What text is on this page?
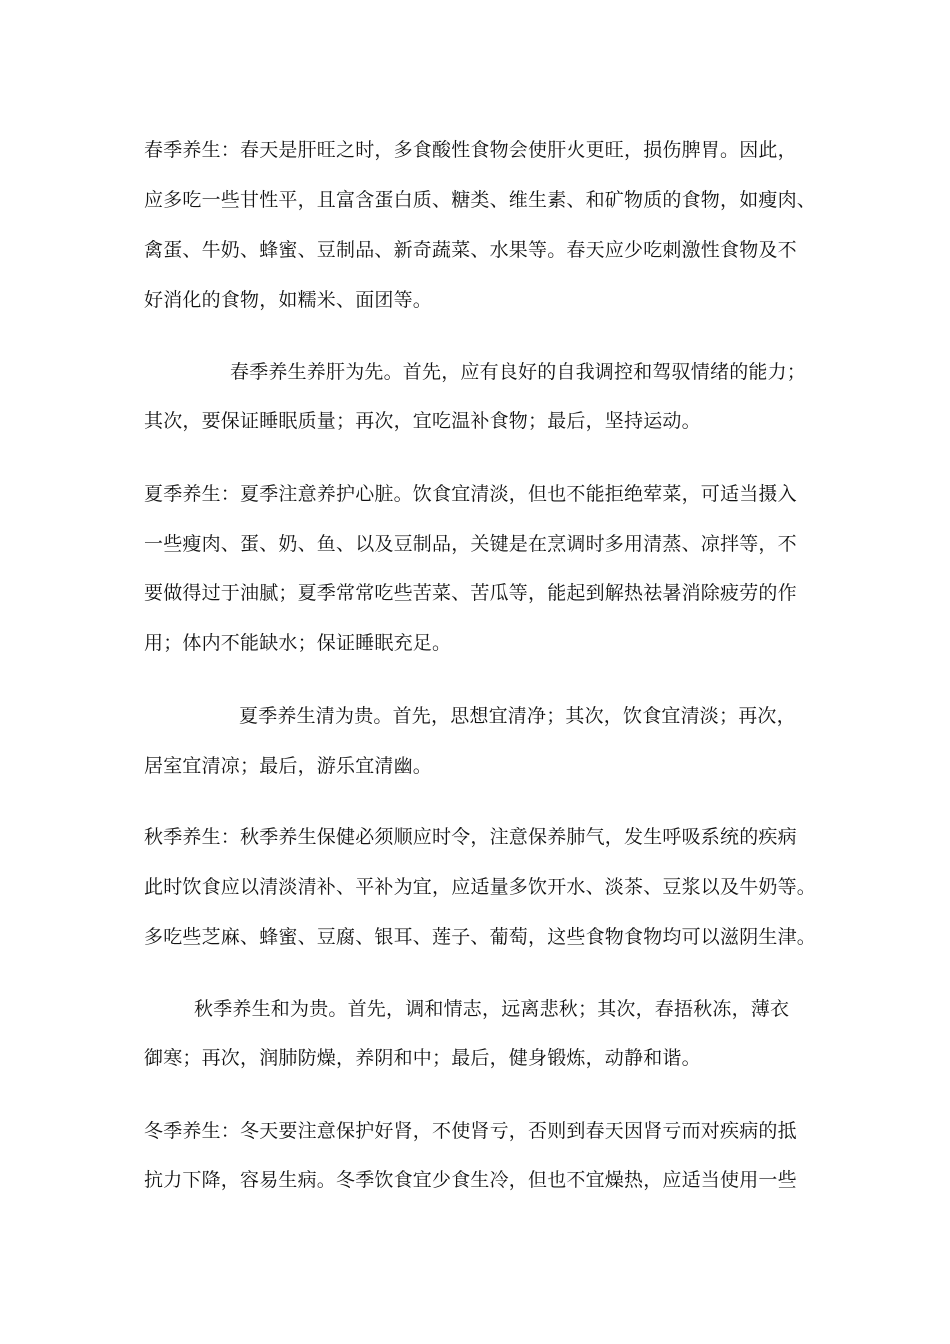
春季养生：春天是肝旺之时，多食酸性食物会使肝火更旺，损伤脾胃。因此，
应多吃一些甘性平，且富含蛋白质、糖类、维生素、和矿物质的食物，如瘦肉、
禽蛋、牛奶、蜂蜜、豆制品、新奇蔬菜、水果等。春天应少吃刺激性食物及不
好消化的食物，如糯米、面团等。
春季养生养肝为先。首先，应有良好的自我调控和驾驭情绪的能力；
其次，要保证睡眠质量；再次，宜吃温补食物；最后，坚持运动。
夏季养生：夏季注意养护心脏。饮食宜清淡，但也不能拒绝荤菜，可适当摄入
一些瘦肉、蛋、奶、鱼、以及豆制品，关键是在烹调时多用清蒸、凉拌等，不
要做得过于油腻；夏季常常吃些苦菜、苦瓜等，能起到解热祛暑消除疲劳的作
用；体内不能缺水；保证睡眠充足。
夏季养生清为贵。首先，思想宜清净；其次，饮食宜清淡；再次，
居室宜清凉；最后，游乐宜清幽。
秋季养生：秋季养生保健必须顺应时令，注意保养肺气，发生呼吸系统的疾病
此时饮食应以清淡清补、平补为宜，应适量多饮开水、淡茶、豆浆以及牛奶等。
多吃些芝麻、蜂蜜、豆腐、银耳、莲子、葡萄，这些食物食物均可以滋阴生津。
秋季养生和为贵。首先，调和情志，远离悲秋；其次，春捂秋冻，薄衣
御寒；再次，润肺防燥，养阴和中；最后，健身锻炼，动静和谐。
冬季养生：冬天要注意保护好肾，不使肾亏，否则到春天因肾亏而对疾病的抵
抗力下降，容易生病。冬季饮食宜少食生冷，但也不宜燥热，应适当使用一些
